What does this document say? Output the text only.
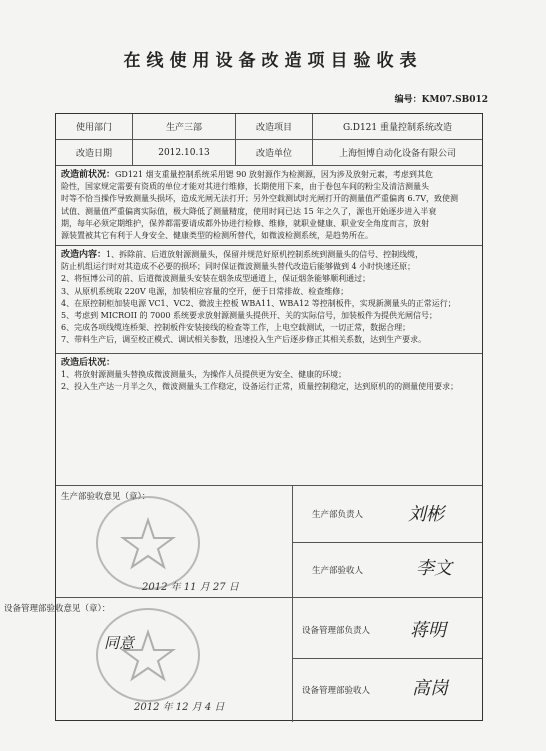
在线使用设备改造项目验收表
编号：KM07.SB012
使用部门	生产三部	改造项目	G.D121 重量控制系统改造
改造日期	2012.10.13	改造单位	上海恒博自动化设备有限公司
改造前状况：GD121 烟支重量控制系统采用锶 90 放射源作为检测源，因为涉及放射元素，考虑到其危
险性，国家规定需要有资质的单位才能对其进行维修，长期使用下来，由于卷包车间的粉尘及清洁测量头
时等不恰当操作导致测量头损坏，造成光闸无法打开；另外空载测试时光闸打开的测量值严重偏离 6.7V，致使测
试值、测量值严重偏离实际值，极大降低了测量精度，使用时间已达 15 年之久了，源也开始逐步进入半衰
期，每年必须定期维护，保养都需要请成都外协进行检修、维修，就职业健康、职业安全角度而言，放射
源装置被其它有利于人身安全、健康类型的检测所替代，如微波检测系统，是趋势所在。
改造内容：1、拆除前、后道放射源测量头，保留并规范好原机控制系统到测量头的信号、控制线缆，
防止机组运行时对其造成不必要的损坏；同时保证微波测量头替代改造后能够做到 4 小时快速还原；
2、将恒博公司的前、后道微波测量头安装在烟条成型通道上，保证烟条能够顺利通过；
3、从原机系统取 220V 电源，加装相应容量的空开，便于日常排故、检查维修；
4、在原控制柜加装电源 VC1、VC2、微波主控板 WBA11、WBA12 等控制板件，实现新测量头的正常运行；
5、考虑到 MICROII 的 7000 系统要求放射源测量头提供开、关的实际信号，加装板件为提供光闸信号；
6、完成各项线缆连桥架、控制板件安装接线的检查等工作，上电空载测试，一切正常，数据合理；
7、带料生产后，调至校正模式、调试相关参数，迅速投入生产后逐步修正其相关系数，达到生产要求。
改造后状况：
1、将放射源测量头替换成微波测量头，为操作人员提供更为安全、健康的环境；
2、投入生产达一月半之久，微波测量头工作稳定，设备运行正常，质量控制稳定，达到原机的的测量使用要求；
生产部验收意见（章）：
2012 年 11 月 27 日
生产部负责人 刘彬
生产部验收人	李文
设备管理部验收意见（章）：
同意
2012 年 12 月 4 日
设备管理部负责人 蒋明
设备管理部验收人 高岗
